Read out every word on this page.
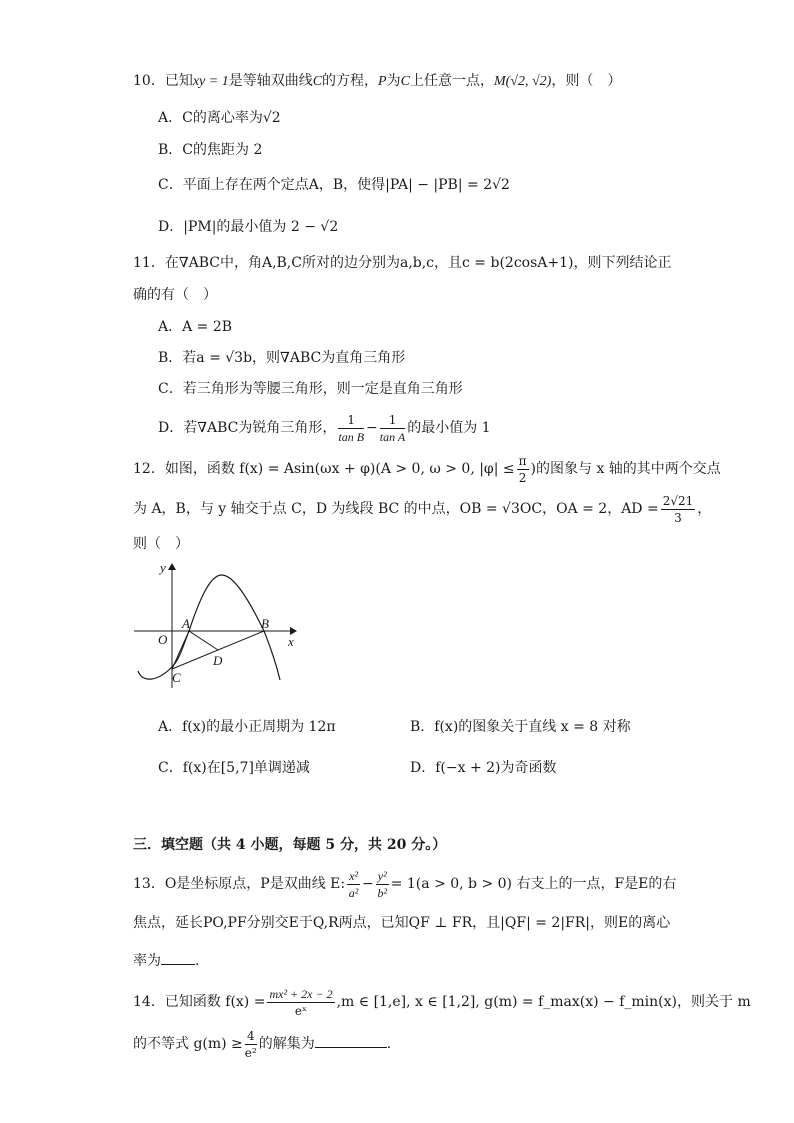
10．已知xy = 1是等轴双曲线C的方程，P为C上任意一点，M(√2, √2)，则（　）
A．C的离心率为√2
B．C的焦距为 2
C．平面上存在两个定点A，B，使得|PA| − |PB| = 2√2
D．|PM|的最小值为 2 − √2
11．在∇ABC中，角A,B,C所对的边分别为a,b,c，且c = b(2cosA+1)，则下列结论正
确的有（　）
A．A = 2B
B．若a = √3b，则∇ABC为直角三角形
C．若三角形为等腰三角形，则一定是直角三角形
D．若∇ABC为锐角三角形， $\frac{1}{\text{tan B}} - \frac{1}{\text{tan A}}$ 的最小值为 1
12．如图，函数 f(x) = Asin(ωx + φ)(A > 0, ω > 0, $|\varphi| \le \frac{\pi}{2}$ )的图象与 x 轴的其中两个交点
为 A，B，与 y 轴交于点 C，D 为线段 BC 的中点，OB = √3OC，OA = 2，AD = $\frac{2√21}{3}$ ，
则（　）
y
x
O
A	B
C
D
A．f(x)的最小正周期为 12π	B．f(x)的图象关于直线 x = 8 对称
C．f(x)在[5,7]单调递减	D．f(−x + 2)为奇函数
三．填空题（共 4 小题，每题 5 分，共 20 分。）
13．O是坐标原点，P是双曲线 E: $\frac{\text{x²}}{\text{a²}} - \frac{\text{y²}}{\text{b²}} = 1(a > 0$, b > 0) 右支上的一点，F是E的右
焦点，延长PO,PF分别交E于Q,R两点，已知QF ⊥ FR，且|QF| = 2|FR|，则E的离心
率为 .
14．已知函数 $f(x) = \frac{\text{mx² + 2x − 2}}{\text{eˣ}} ,m$ ∈ [1,e], x ∈ [1,2], g(m) = f_max(x) − f_min(x)，则关于 m
的不等式 $g(m) \ge \frac{4}{\text{e²}}$ 的解集为	.
